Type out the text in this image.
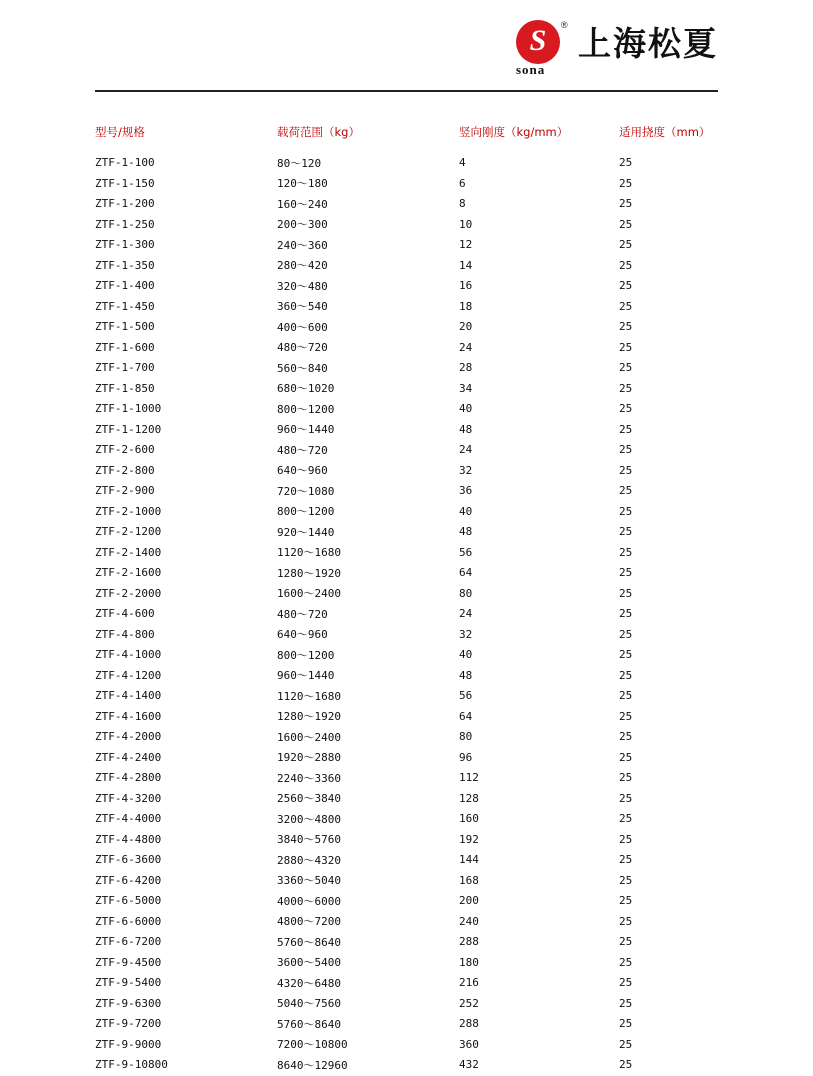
S ®
sona
上海松夏
型号/规格	载荷范围（kg）	竖向刚度（kg/mm）	适用挠度（mm）
ZTF-1-100	80～120	4	25
ZTF-1-150	120～180	6	25
ZTF-1-200	160～240	8	25
ZTF-1-250	200～300	10	25
ZTF-1-300	240～360	12	25
ZTF-1-350	280～420	14	25
ZTF-1-400	320～480	16	25
ZTF-1-450	360～540	18	25
ZTF-1-500	400～600	20	25
ZTF-1-600	480～720	24	25
ZTF-1-700	560～840	28	25
ZTF-1-850	680～1020	34	25
ZTF-1-1000	800～1200	40	25
ZTF-1-1200	960～1440	48	25
ZTF-2-600	480～720	24	25
ZTF-2-800	640～960	32	25
ZTF-2-900	720～1080	36	25
ZTF-2-1000	800～1200	40	25
ZTF-2-1200	920～1440	48	25
ZTF-2-1400	1120～1680	56	25
ZTF-2-1600	1280～1920	64	25
ZTF-2-2000	1600～2400	80	25
ZTF-4-600	480～720	24	25
ZTF-4-800	640～960	32	25
ZTF-4-1000	800～1200	40	25
ZTF-4-1200	960～1440	48	25
ZTF-4-1400	1120～1680	56	25
ZTF-4-1600	1280～1920	64	25
ZTF-4-2000	1600～2400	80	25
ZTF-4-2400	1920～2880	96	25
ZTF-4-2800	2240～3360	112	25
ZTF-4-3200	2560～3840	128	25
ZTF-4-4000	3200～4800	160	25
ZTF-4-4800	3840～5760	192	25
ZTF-6-3600	2880～4320	144	25
ZTF-6-4200	3360～5040	168	25
ZTF-6-5000	4000～6000	200	25
ZTF-6-6000	4800～7200	240	25
ZTF-6-7200	5760～8640	288	25
ZTF-9-4500	3600～5400	180	25
ZTF-9-5400	4320～6480	216	25
ZTF-9-6300	5040～7560	252	25
ZTF-9-7200	5760～8640	288	25
ZTF-9-9000	7200～10800	360	25
ZTF-9-10800	8640～12960	432	25
